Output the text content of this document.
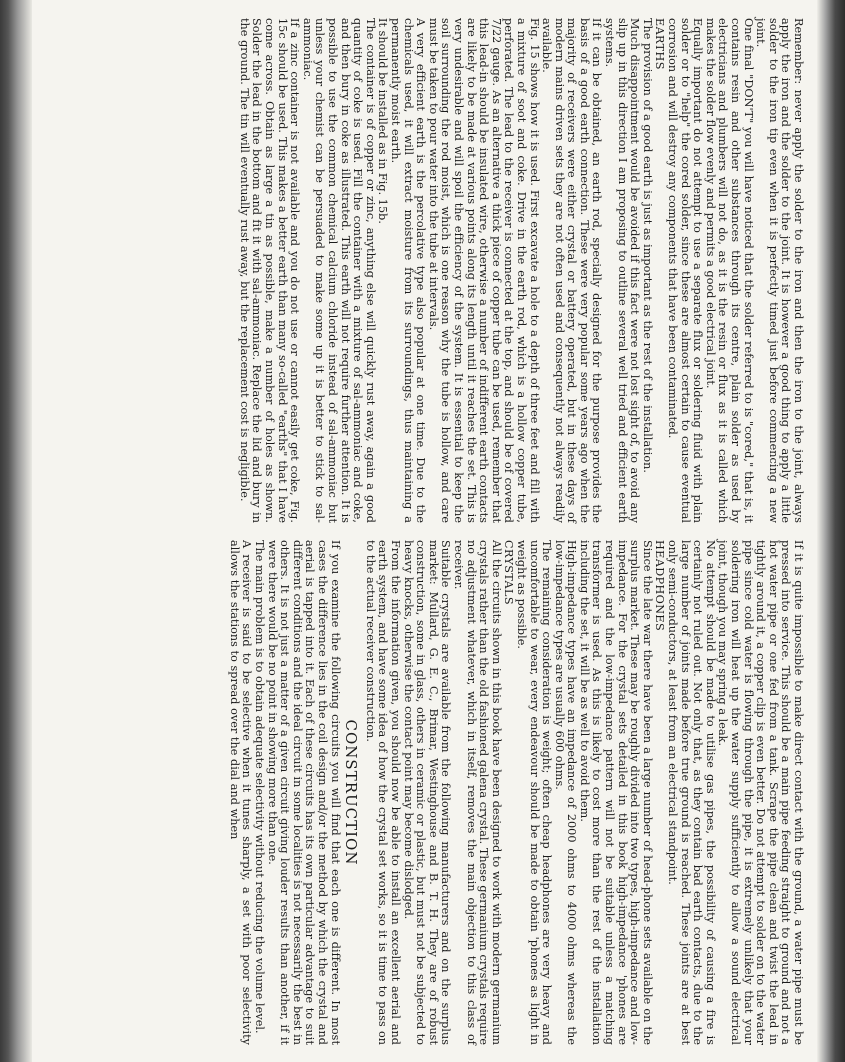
Remember: never apply the solder to the iron and then the iron to the joint, always apply the iron and the solder to the joint. It is however a good thing to apply a little solder to the iron tip even when it is perfectly timed just before commencing a new joint.

One final "DON'T" you will have noticed that the solder referred to is "cored," that is, it contains resin and other substances through its centre, plain solder as used by electricians and plumbers will not do, as it is the resin or flux as it is called which makes the solder flow evenly and permits a good electrical joint.

Equally important do not attempt to use a separate flux or soldering fluid with plain solder or to "help" the cored solder, since these are almost certain to cause eventual corrosion and will destroy any components that have been contaminated.

EARTHS

The provision of a good earth is just as important as the rest of the installation.

Much disappointment would be avoided if this fact were not lost sight of, to avoid any slip up in this direction I am proposing to outline several well tried and efficient earth systems.

If it can be obtained, an earth rod, specially designed for the purpose provides the basis of a good earth connection. These were very popular some years ago when the majority of receivers were either crystal or battery operated, but in these days of modern mains driven sets they are not often used and consequently not always readily available.

Fig. 15 shows how it is used. First excavate a hole to a depth of three feet and fill with a mixture of soot and coke. Drive in the earth rod, which is a hollow copper tube, perforated. The lead to the receiver is connected at the top, and should be of covered 7/22 gauge. As an alternative a thick piece of copper tube can be used, remember that this lead-in should be insulated wire, otherwise a number of indifferent earth contacts are likely to be made at various points along its length until it reaches the set. This is very undesirable and will spoil the efficiency of the system. It is essential to keep the soil surrounding the rod moist, which is one reason why the tube is hollow, and care must be taken to pour water into the tube at intervals.

A very efficient earth is the percolative type also popular at one time. Due to the chemicals used, it will extract moisture from its surroundings, thus maintaining a permanently moist earth.

It should be installed as in Fig. 15b.

The container is of copper or zinc, anything else will quickly rust away, again a good quantity of coke is used. Fill the container with a mixture of sal-ammoniac and coke, and then bury in coke as illustrated. This earth will not require further attention. It is possible to use the common chemical calcium chloride instead of sal-ammoniac but unless your chemist can be persuaded to make some up it is better to stick to sal-ammoniac.

If a zinc container is not available and you do not use or cannot easily get coke, Fig. 15c should be used. This makes a better earth than many so-called "earths" that I have come across. Obtain as large a tin as possible, make a number of holes as shown. Solder the lead in the bottom and fit it with sal-ammoniac. Replace the lid and bury in the ground. The tin will eventually rust away, but the replacement cost is negligible.

If it is quite impossible to make direct contact with the ground, a water pipe must be pressed into service. This should be a main pipe feeding straight to ground and not a hot water pipe or one fed from a tank. Scrape the pipe clean and twist the lead in tightly around it, a copper clip is even better. Do not attempt to solder on to the water pipe since cold water is flowing through the pipe, it is extremely unlikely that your soldering iron will heat up the water supply sufficiently to allow a sound electrical joint, though you may spring a leak.

No attempt should be made to utilise gas pipes, the possibility of causing a fire is certainly not ruled out. Not only that, as they contain bad earth contacts, due to the large number of joints made before true ground is reached. These joints are at best only semi-conductors, at least from an electrical standpoint.

HEADPHONES

Since the late war there have been a large number of head-phone sets available on the surplus market. These may be roughly divided into two types, high-impedance and low-impedance. For the crystal sets detailed in this book high-impedance 'phones are required and the low-impedance pattern will not be suitable unless a matching transformer is used. As this is likely to cost more than the rest of the installation including the set, it will be as well to avoid them.

High-impedance types have an impedance of 2000 ohms to 4000 ohms whereas the low-impedance types are usually 600 ohms.

The remaining consideration is weight; often cheap headphones are very heavy and uncomfortable to wear, every endeavour should be made to obtain 'phones as light in weight as possible.

CRYSTALS

All the circuits shown in this book have been designed to work with modern germanium crystals rather than the old fashioned galena crystal. These germanium crystals require no adjustment whatever, which in itself, removes the main objection to this class of receiver.

Suitable crystals are available from the following manufacturers and on the surplus market: Mullard, G. E. C., Brimar, Westinghouse and B. T. H. They are of robust construction, some in glass, others in ceramic or plastic, but must not be subjected to heavy knocks, otherwise the contact point may become dislodged.

From the information given, you should now be able to install an excellent aerial and earth system, and have some idea of how the crystal set works, so it is time to pass on to the actual receiver construction.

CONSTRUCTION

If you examine the following circuits you will find that each one is different. In most cases the difference lies in the coil design and/or the method by which the crystal and aerial is tapped into it. Each of these circuits has its own particular advantage to suit different conditions and the ideal circuit in some localities is not necessarily the best in others. It is not just a matter of a given circuit giving louder results than another, if it were there would be no point in showing more than one.

The main problem is to obtain adequate selectivity without reducing the volume level.

A receiver is said to be selective when it tunes sharply, a set with poor selectivity allows the stations to spread over the dial and when
